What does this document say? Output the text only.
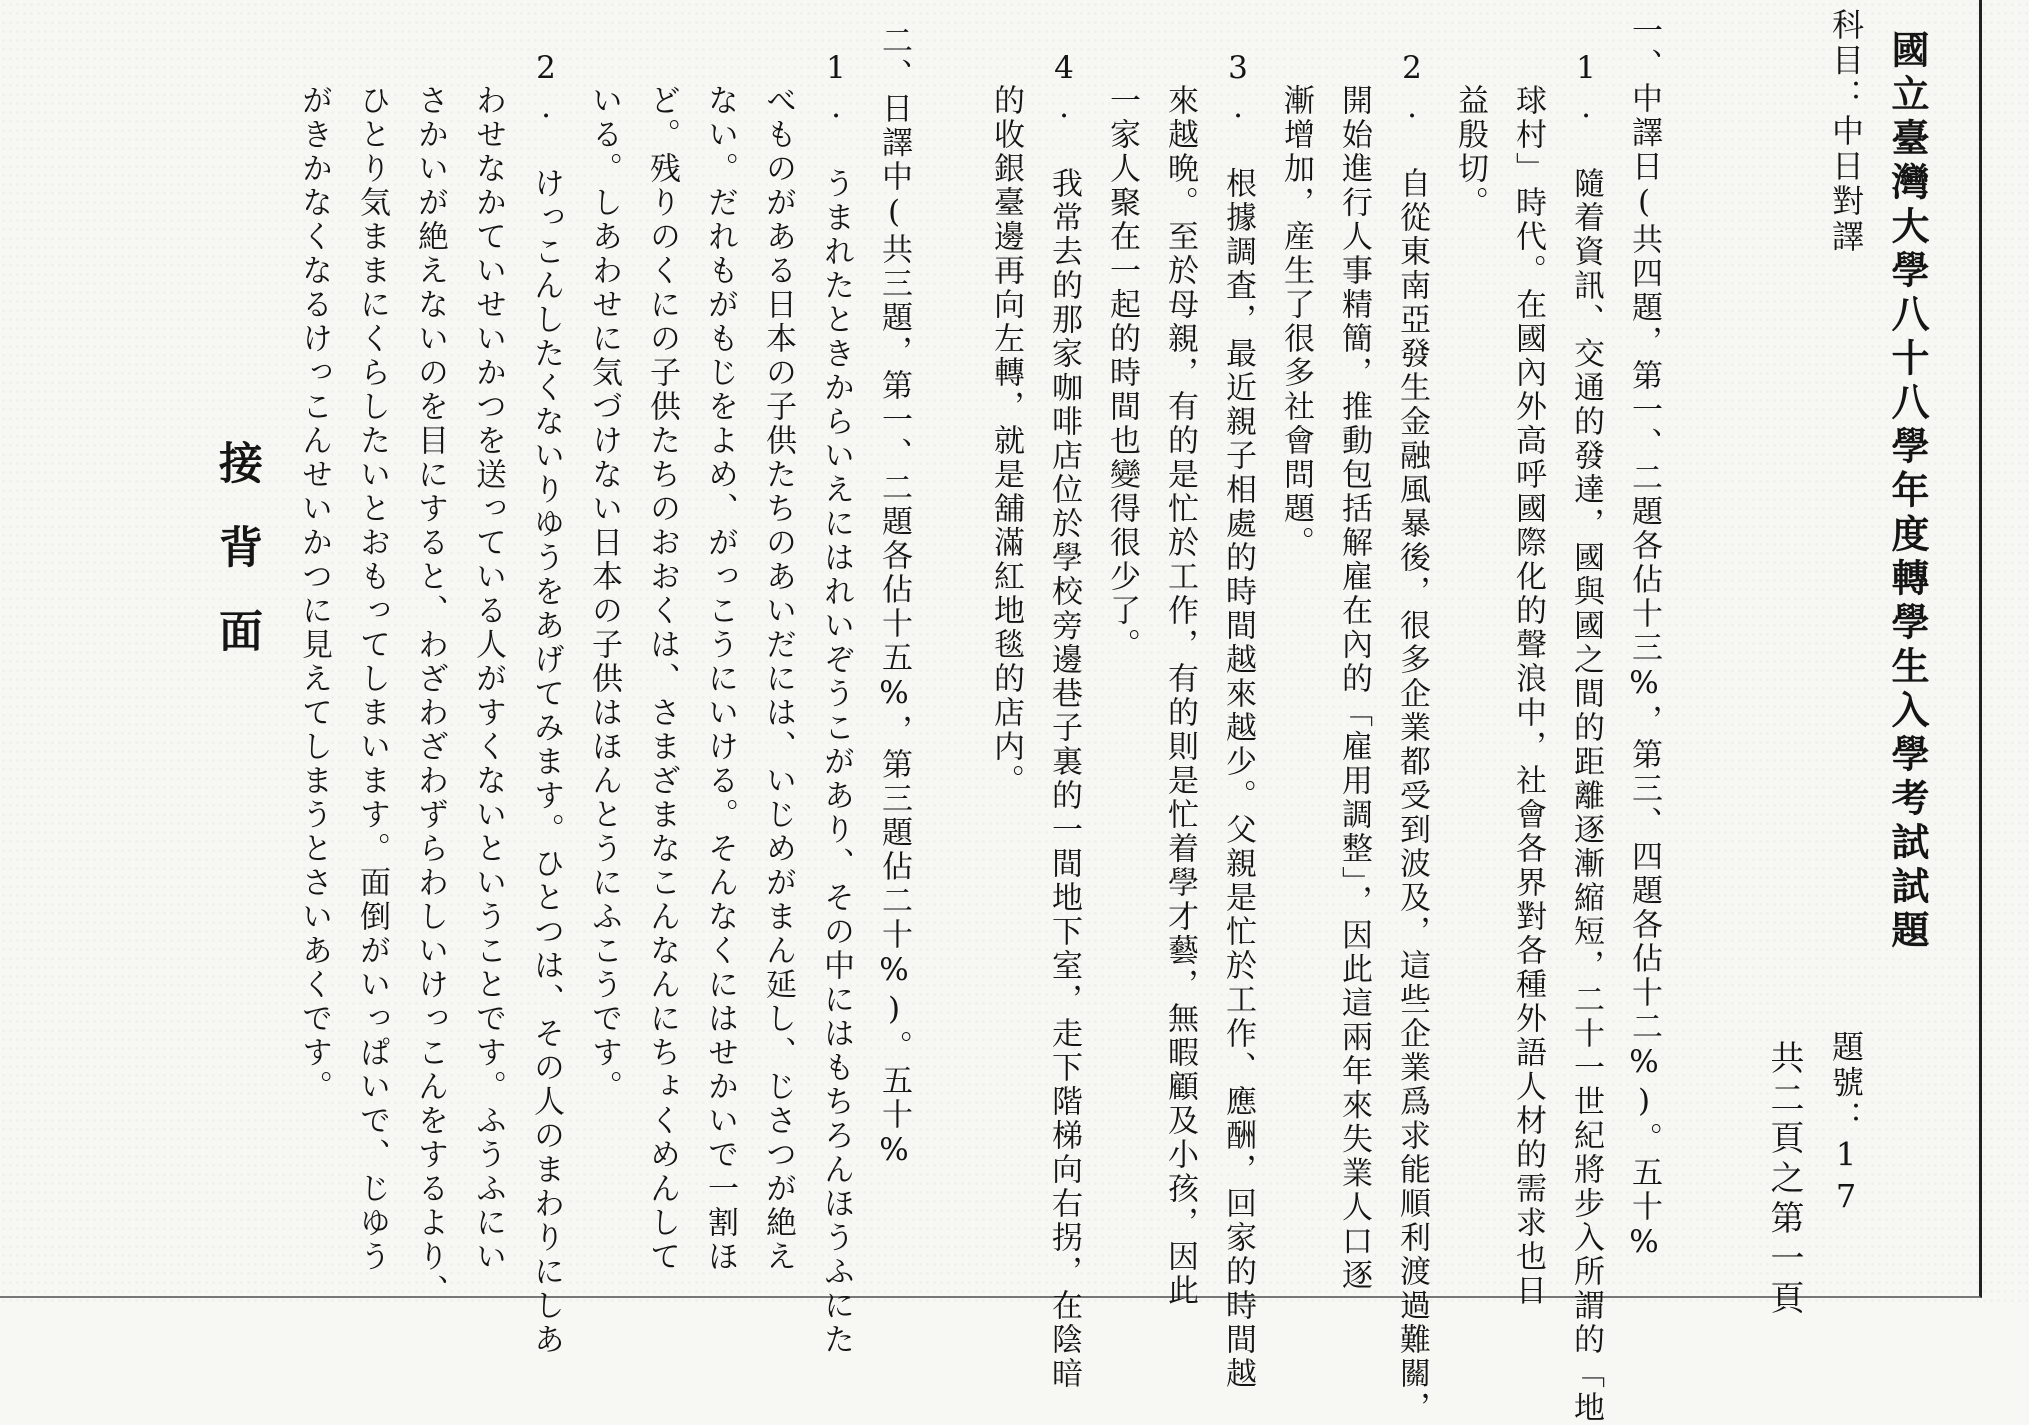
國立臺灣大學八十八學年度轉學生入學考試試題
科目：中日對譯
題號：17
共二頁之第一頁
一、中譯日(共四題，第一、二題各佔十三%，第三、四題各佔十二%)。五十%
1. 隨着資訊、交通的發達，國與國之間的距離逐漸縮短，二十一世紀將步入所謂的「地
球村」時代。在國內外高呼國際化的聲浪中，社會各界對各種外語人材的需求也日
益殷切。
2. 自從東南亞發生金融風暴後，很多企業都受到波及，這些企業爲求能順利渡過難關，
開始進行人事精簡，推動包括解雇在內的「雇用調整」，因此這兩年來失業人口逐
漸增加，産生了很多社會問題。
3. 根據調査，最近親子相處的時間越來越少。父親是忙於工作、應酬，回家的時間越
來越晩。至於母親，有的是忙於工作，有的則是忙着學才藝，無暇顧及小孩，因此
一家人聚在一起的時間也變得很少了。
4. 我常去的那家咖啡店位於學校旁邊巷子裏的一間地下室，走下階梯向右拐，在陰暗
的收銀臺邊再向左轉，就是舖滿紅地毯的店内。
二、日譯中(共三題，第一、二題各佔十五%，第三題佔二十%)。五十%
1. うまれたときからいえにはれいぞうこがあり、その中にはもちろんほうふにた
べものがある日本の子供たちのあいだには、いじめがまん延し、じさつが絶え
ない。だれもがもじをよめ、がっこうにいける。そんなくにはせかいで一割ほ
ど。残りのくにの子供たちのおおくは、さまざまなこんなんにちょくめんして
いる。しあわせに気づけない日本の子供はほんとうにふこうです。
2. けっこんしたくないりゆうをあげてみます。ひとつは、その人のまわりにしあ
わせなかていせいかつを送っている人がすくないということです。ふうふにい
さかいが絶えないのを目にすると、わざわざわずらわしいけっこんをするより、
ひとり気ままにくらしたいとおもってしまいます。面倒がいっぱいで、じゆう
がきかなくなるけっこんせいかつに見えてしまうとさいあくです。
接背面
